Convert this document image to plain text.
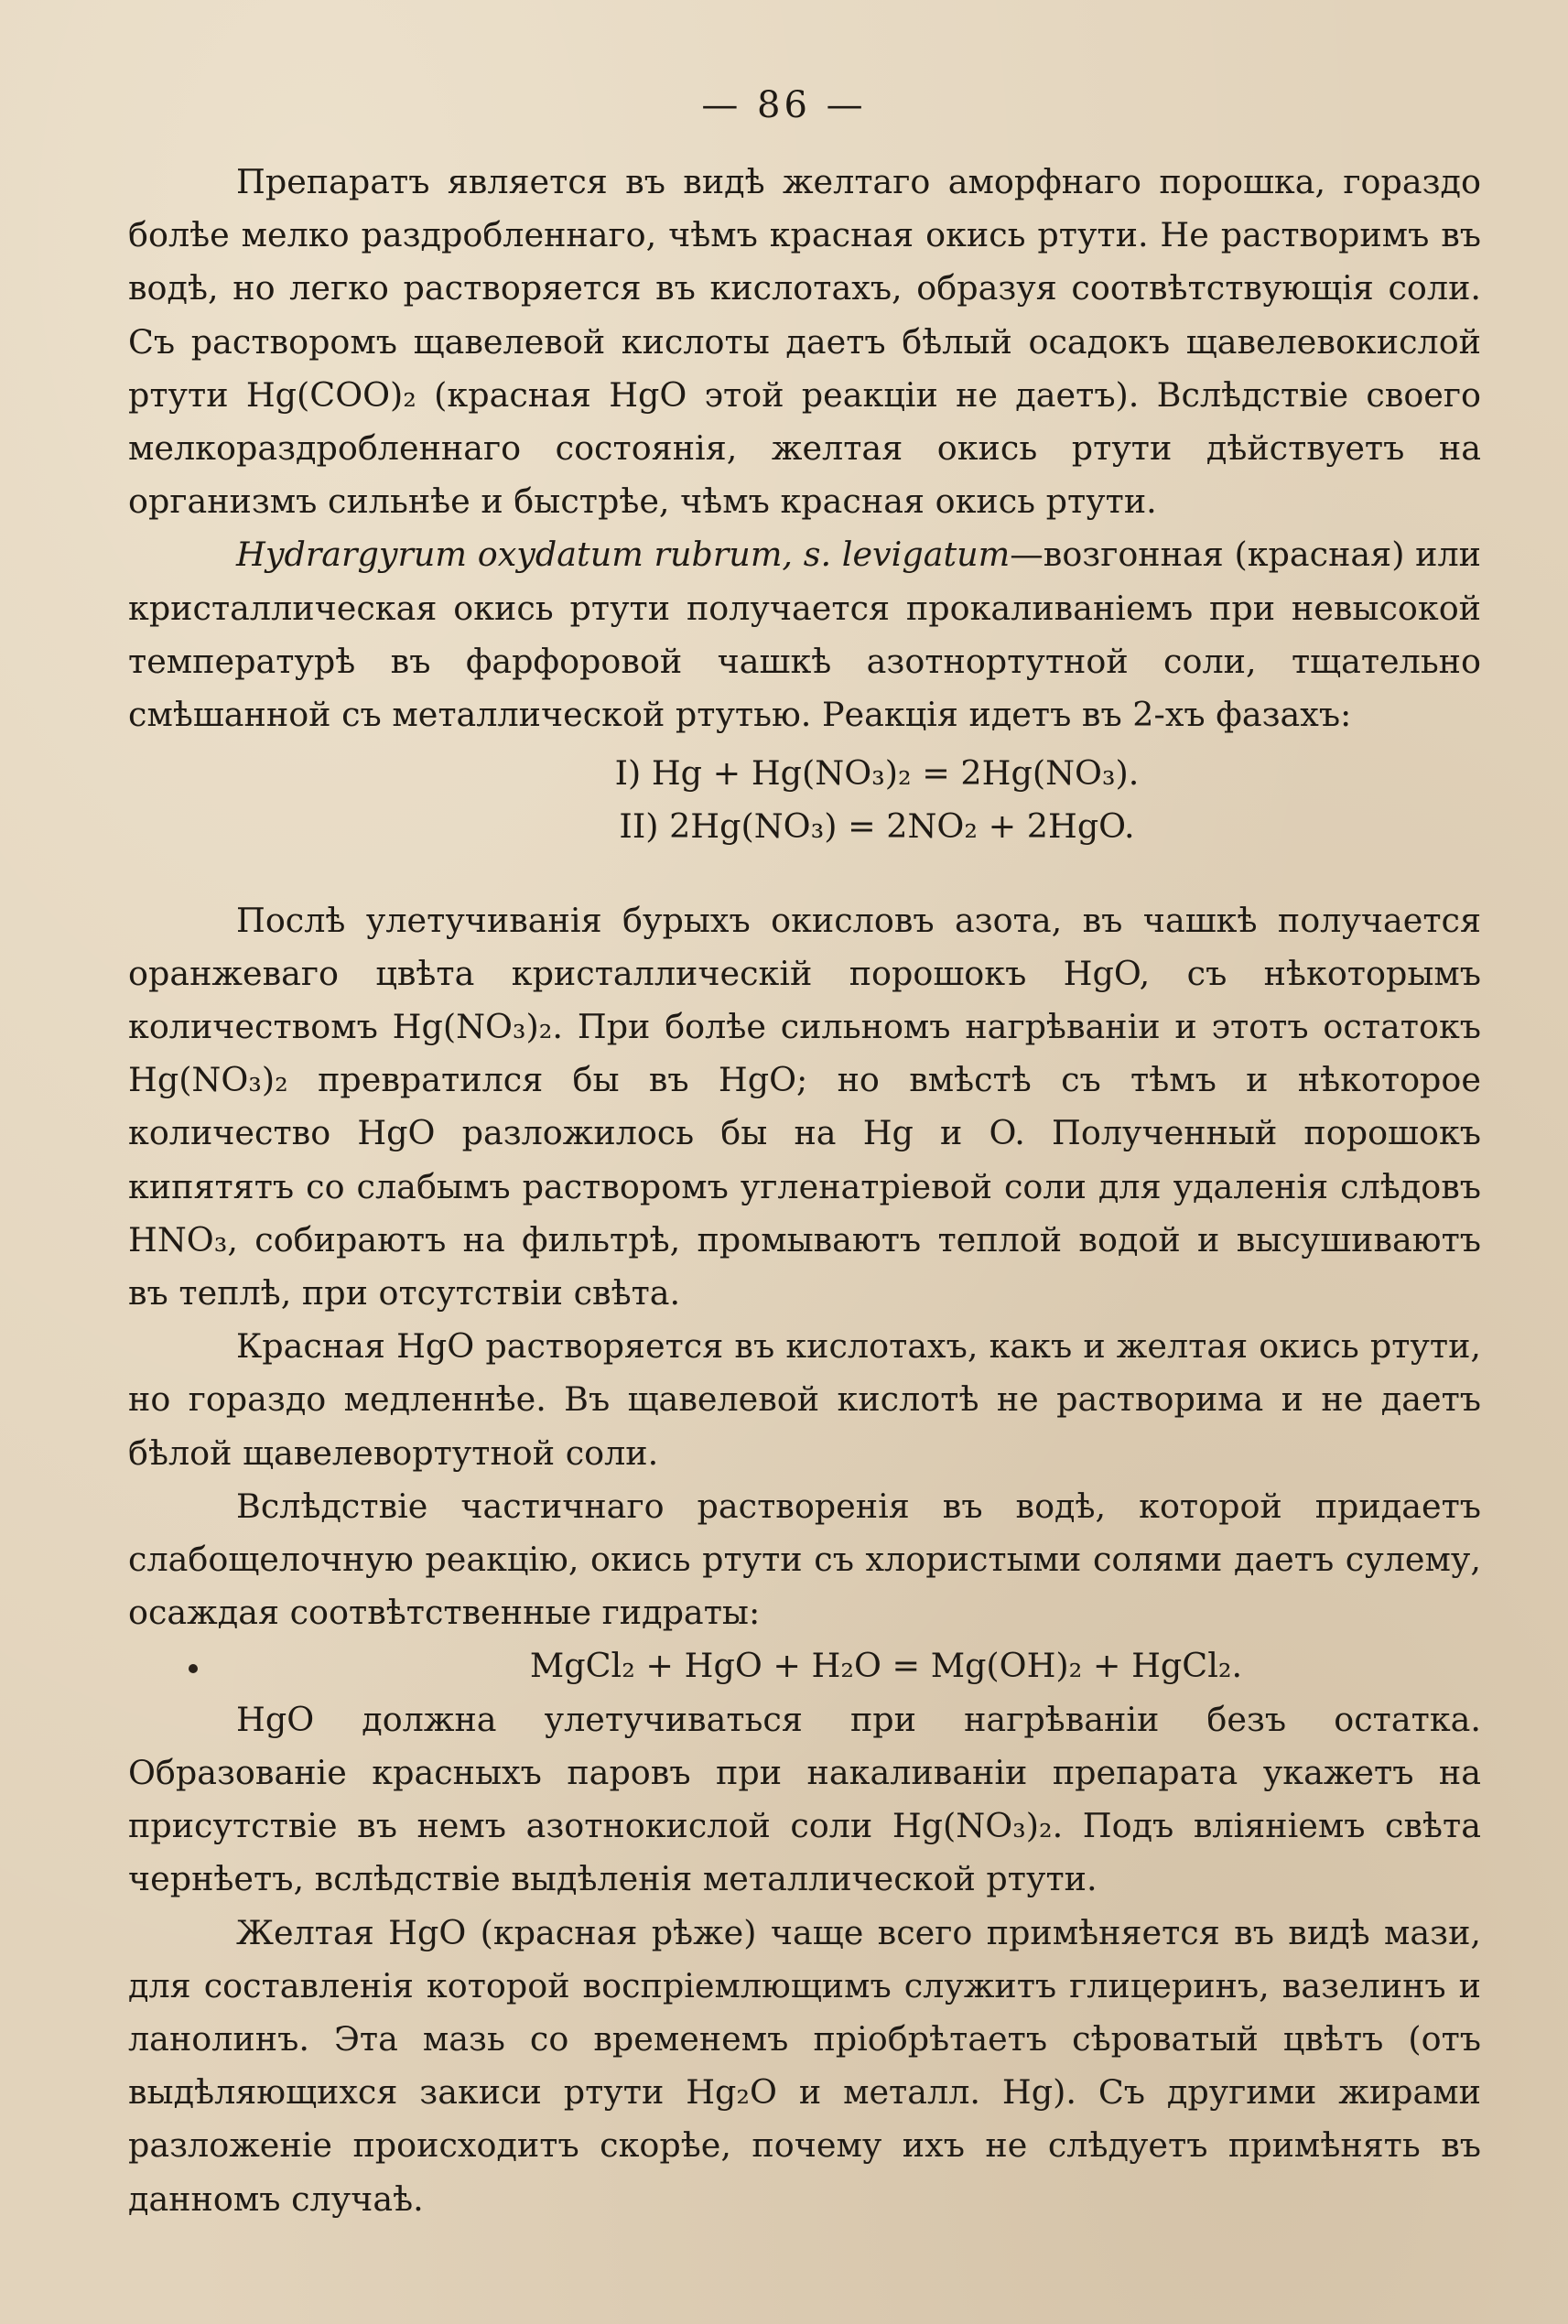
— 86 —

Препаратъ является въ видѣ желтаго аморфнаго порошка, гораздо болѣе мелко раздробленнаго, чѣмъ красная окись ртути. Не растворимъ въ водѣ, но легко растворяется въ кислотахъ, образуя соотвѣтствующія соли. Съ растворомъ щавелевой кислоты даетъ бѣлый осадокъ щавелевокислой ртути Hg(COO)₂ (красная HgO этой реакціи не даетъ). Вслѣдствіе своего мелкораздробленнаго состоянія, желтая окись ртути дѣйствуетъ на организмъ сильнѣе и быстрѣе, чѣмъ красная окись ртути.

Hydrargyrum oxydatum rubrum, s. levigatum—возгонная (красная) или кристаллическая окись ртути получается прокаливаніемъ при невысокой температурѣ въ фарфоровой чашкѣ азотнортутной соли, тщательно смѣшанной съ металлической ртутью. Реакція идетъ въ 2-хъ фазахъ:

I) Hg + Hg(NO₃)₂ = 2Hg(NO₃).

II) 2Hg(NO₃) = 2NO₂ + 2HgO.

Послѣ улетучиванія бурыхъ окисловъ азота, въ чашкѣ получается оранжеваго цвѣта кристаллическій порошокъ HgO, съ нѣкоторымъ количествомъ Hg(NO₃)₂. При болѣе сильномъ нагрѣваніи и этотъ остатокъ Hg(NO₃)₂ превратился бы въ HgO; но вмѣстѣ съ тѣмъ и нѣкоторое количество HgO разложилось бы на Hg и O. Полученный порошокъ кипятятъ со слабымъ растворомъ угленатріевой соли для удаленія слѣдовъ HNO₃, собираютъ на фильтрѣ, промываютъ теплой водой и высушиваютъ въ теплѣ, при отсутствіи свѣта.

Красная HgO растворяется въ кислотахъ, какъ и желтая окись ртути, но гораздо медленнѣе. Въ щавелевой кислотѣ не растворима и не даетъ бѣлой щавелевортутной соли.

Вслѣдствіе частичнаго растворенія въ водѣ, которой придаетъ слабощелочную реакцію, окись ртути съ хлористыми солями даетъ сулему, осаждая соотвѣтственные гидраты:

MgCl₂ + HgO + H₂O = Mg(OH)₂ + HgCl₂.

HgO должна улетучиваться при нагрѣваніи безъ остатка. Образованіе красныхъ паровъ при накаливаніи препарата укажетъ на присутствіе въ немъ азотнокислой соли Hg(NO₃)₂. Подъ вліяніемъ свѣта чернѣетъ, вслѣдствіе выдѣленія металлической ртути.

Желтая HgO (красная рѣже) чаще всего примѣняется въ видѣ мази, для составленія которой воспріемлющимъ служитъ глицеринъ, вазелинъ и ланолинъ. Эта мазь со временемъ пріобрѣтаетъ сѣроватый цвѣтъ (отъ выдѣляющихся закиси ртути Hg₂O и металл. Hg). Съ другими жирами разложеніе происходитъ скорѣе, почему ихъ не слѣдуетъ примѣнять въ данномъ случаѣ.
